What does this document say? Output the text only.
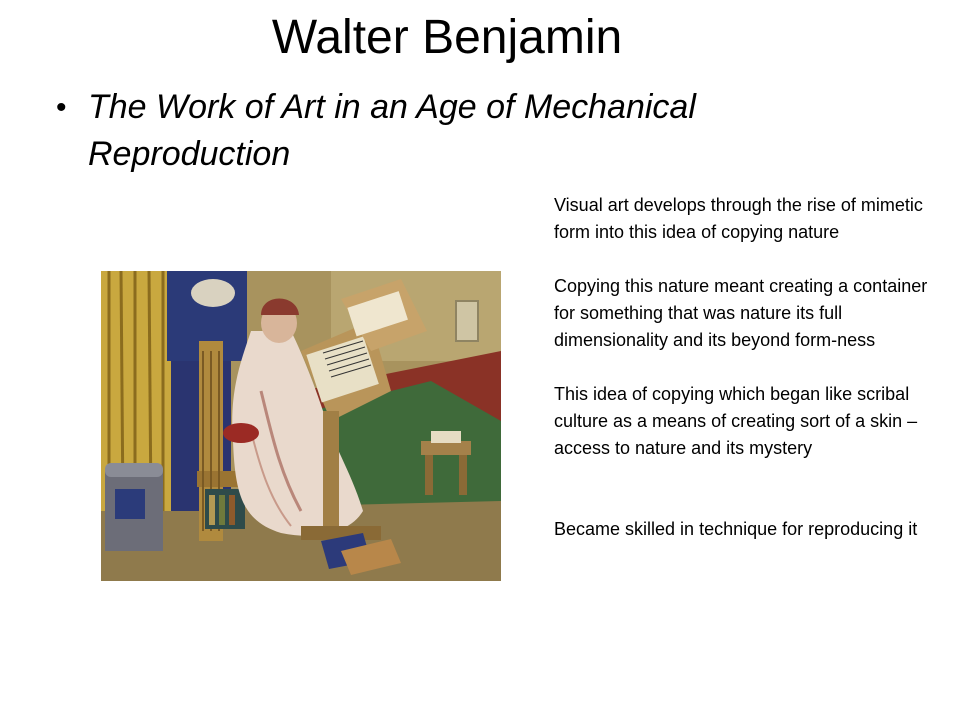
Walter Benjamin
• The Work of Art in an Age of Mechanical Reproduction

Visual art develops through the rise of mimetic form into this idea of copying nature

Copying this nature meant creating a container for something that was nature its full dimensionality and its beyond form-ness

This idea of copying which began like scribal culture as a means of creating sort of a skin – access to nature and its mystery

Became skilled in technique for reproducing it
